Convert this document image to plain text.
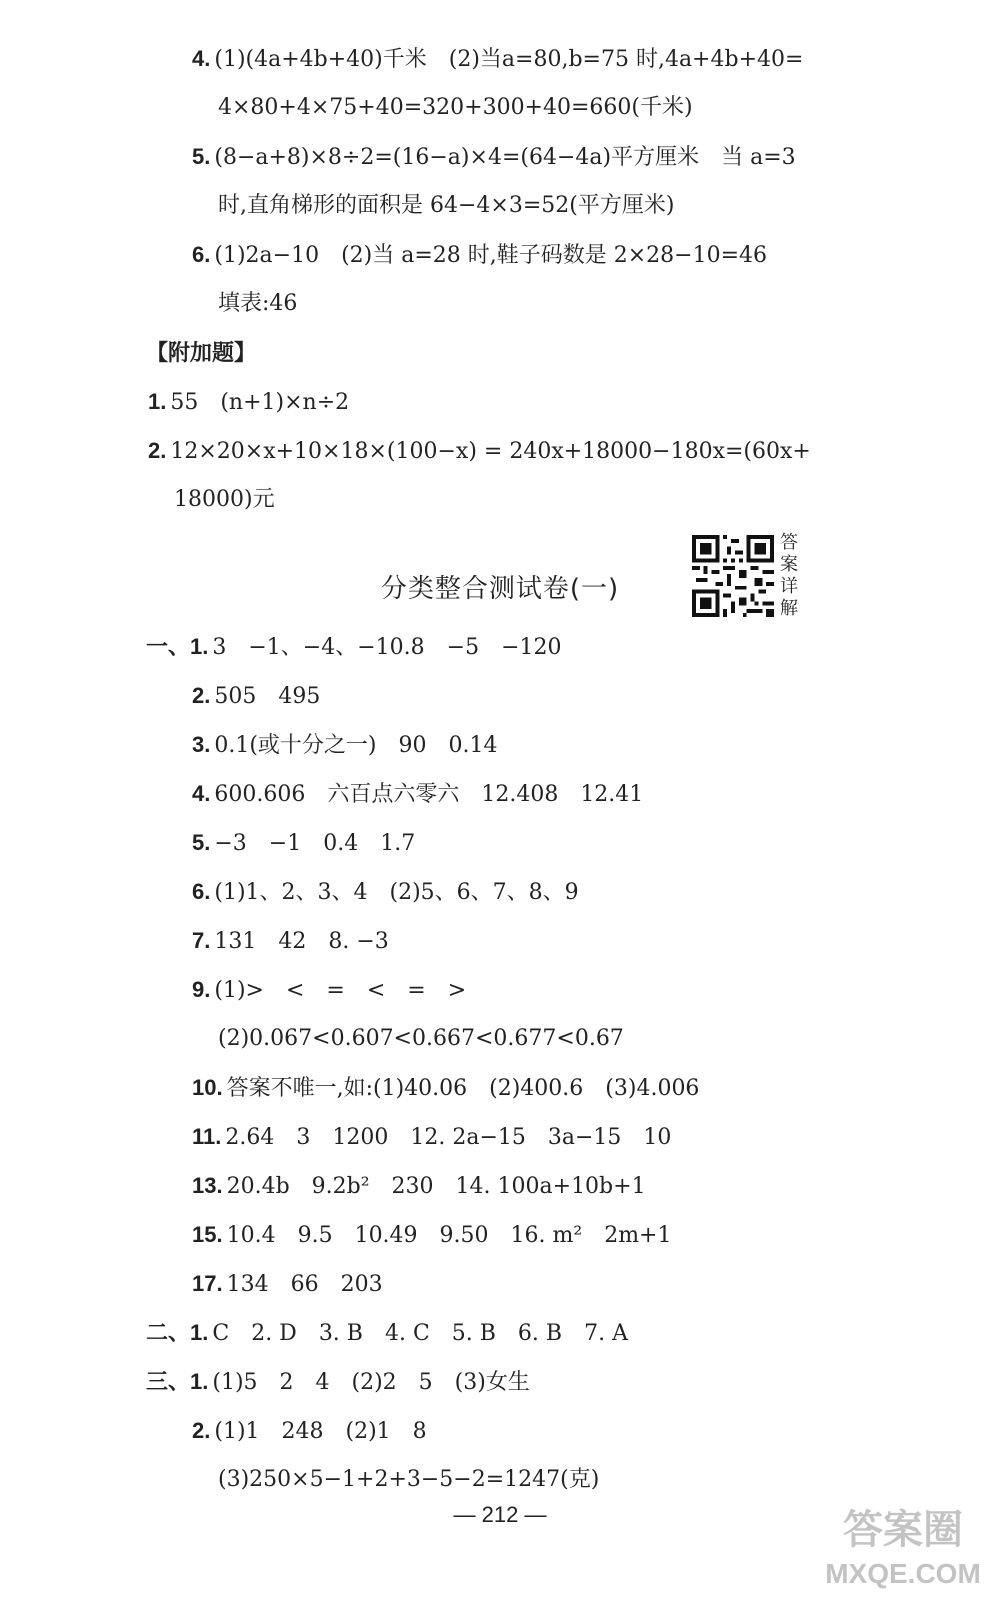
4. (1)(4a+4b+40)千米　(2)当a=80,b=75 时,4a+4b+40=
4×80+4×75+40=320+300+40=660(千米)
5. (8−a+8)×8÷2=(16−a)×4=(64−4a)平方厘米　当 a=3
时,直角梯形的面积是 64−4×3=52(平方厘米)
6. (1)2a−10　(2)当 a=28 时,鞋子码数是 2×28−10=46
填表:46
【附加题】
1. 55　(n+1)×n÷2
2. 12×20×x+10×18×(100−x) = 240x+18000−180x=(60x+
18000)元
分类整合测试卷(一)
答案详解
一、1. 3　−1、−4、−10.8　−5　−120
2. 505　495
3. 0.1(或十分之一)　90　0.14
4. 600.606　六百点六零六　12.408　12.41
5. −3　−1　0.4　1.7
6. (1)1、2、3、4　(2)5、6、7、8、9
7. 131　42　8. −3
9. (1)>　<　=　<　=　>
(2)0.067<0.607<0.667<0.677<0.67
10. 答案不唯一,如:(1)40.06　(2)400.6　(3)4.006
11. 2.64　3　1200　12. 2a−15　3a−15　10
13. 20.4b　9.2b²　230　14. 100a+10b+1
15. 10.4　9.5　10.49　9.50　16. m²　2m+1
17. 134　66　203
二、1. C　2. D　3. B　4. C　5. B　6. B　7. A
三、1. (1)5　2　4　(2)2　5　(3)女生
2. (1)1　248　(2)1　8
(3)250×5−1+2+3−5−2=1247(克)
— 212 —	答案圈
MXQE.COM
